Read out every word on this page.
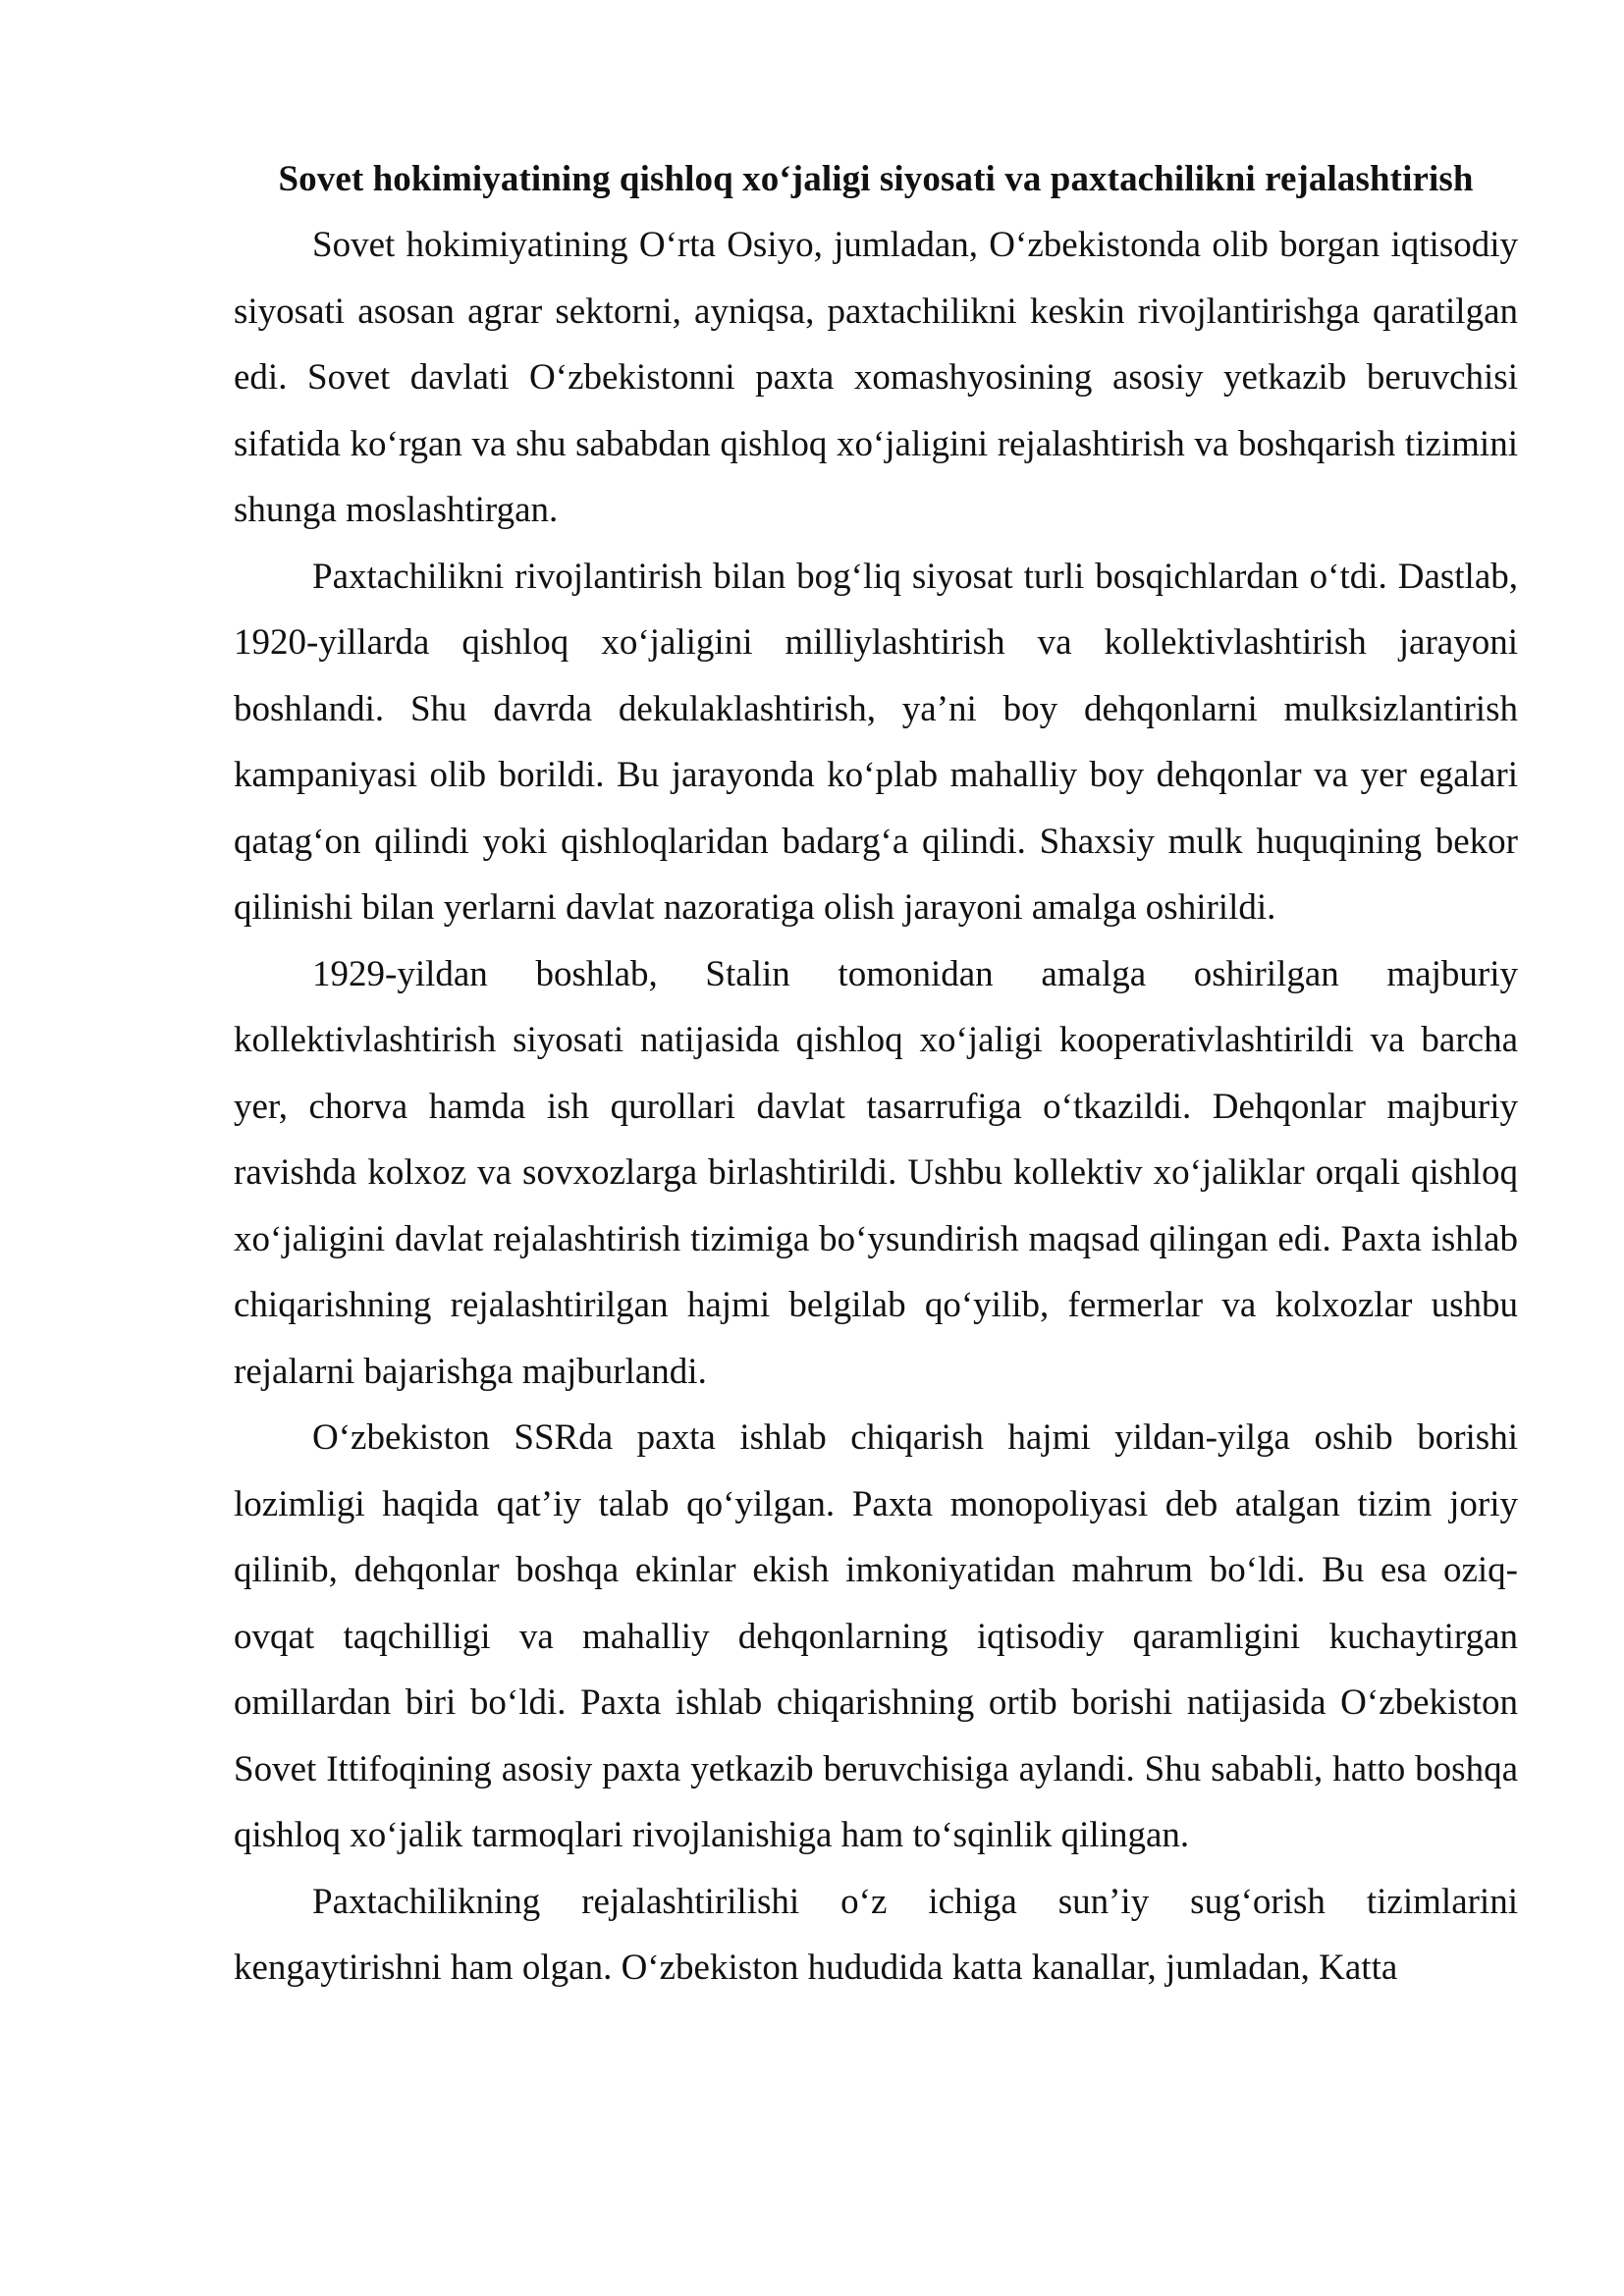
Sovet hokimiyatining qishloq xo‘jaligi siyosati va paxtachilikni rejalashtirish

Sovet hokimiyatining O‘rta Osiyo, jumladan, O‘zbekistonda olib borgan iqtisodiy siyosati asosan agrar sektorni, ayniqsa, paxtachilikni keskin rivojlantirishga qaratilgan edi. Sovet davlati O‘zbekistonni paxta xomashyosining asosiy yetkazib beruvchisi sifatida ko‘rgan va shu sababdan qishloq xo‘jaligini rejalashtirish va boshqarish tizimini shunga moslashtirgan.

Paxtachilikni rivojlantirish bilan bog‘liq siyosat turli bosqichlardan o‘tdi. Dastlab, 1920-yillarda qishloq xo‘jaligini milliylashtirish va kollektivlashtirish jarayoni boshlandi. Shu davrda dekulaklashtirish, ya’ni boy dehqonlarni mulksizlantirish kampaniyasi olib borildi. Bu jarayonda ko‘plab mahalliy boy dehqonlar va yer egalari qatag‘on qilindi yoki qishloqlaridan badarg‘a qilindi. Shaxsiy mulk huquqining bekor qilinishi bilan yerlarni davlat nazoratiga olish jarayoni amalga oshirildi.

1929-yildan boshlab, Stalin tomonidan amalga oshirilgan majburiy kollektivlashtirish siyosati natijasida qishloq xo‘jaligi kooperativlashtirildi va barcha yer, chorva hamda ish qurollari davlat tasarrufiga o‘tkazildi. Dehqonlar majburiy ravishda kolxoz va sovxozlarga birlashtirildi. Ushbu kollektiv xo‘jaliklar orqali qishloq xo‘jaligini davlat rejalashtirish tizimiga bo‘ysundirish maqsad qilingan edi. Paxta ishlab chiqarishning rejalashtirilgan hajmi belgilab qo‘yilib, fermerlar va kolxozlar ushbu rejalarni bajarishga majburlandi.

O‘zbekiston SSRda paxta ishlab chiqarish hajmi yildan-yilga oshib borishi lozimligi haqida qat’iy talab qo‘yilgan. Paxta monopoliyasi deb atalgan tizim joriy qilinib, dehqonlar boshqa ekinlar ekish imkoniyatidan mahrum bo‘ldi. Bu esa oziq-ovqat taqchilligi va mahalliy dehqonlarning iqtisodiy qaramligini kuchaytirgan omillardan biri bo‘ldi. Paxta ishlab chiqarishning ortib borishi natijasida O‘zbekiston Sovet Ittifoqining asosiy paxta yetkazib beruvchisiga aylandi. Shu sababli, hatto boshqa qishloq xo‘jalik tarmoqlari rivojlanishiga ham to‘sqinlik qilingan.

Paxtachilikning rejalashtirilishi o‘z ichiga sun’iy sug‘orish tizimlarini kengaytirishni ham olgan. O‘zbekiston hududida katta kanallar, jumladan, Katta
